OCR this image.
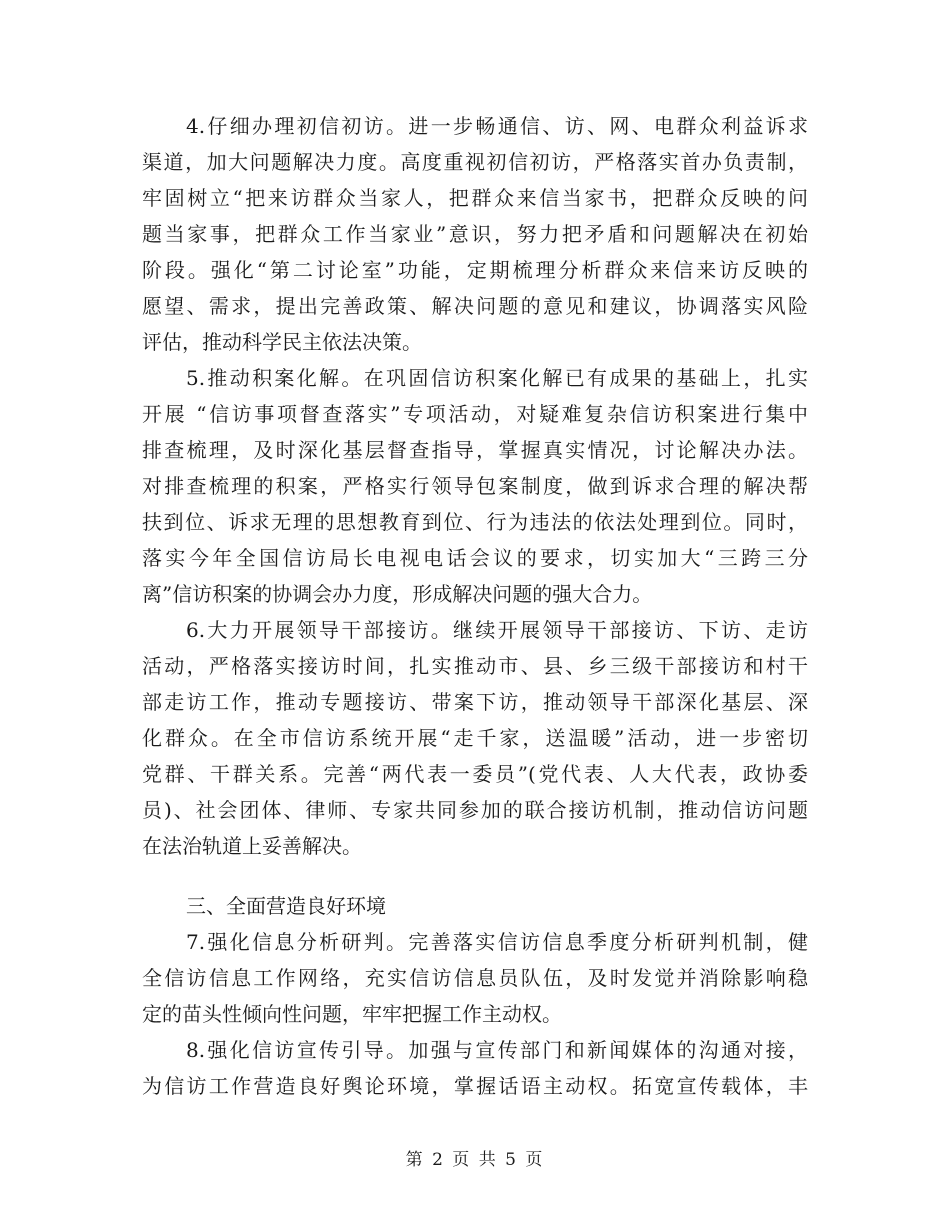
4.仔细办理初信初访。进一步畅通信、访、网、电群众利益诉求
渠道，加大问题解决力度。高度重视初信初访，严格落实首办负责制，
牢固树立“把来访群众当家人，把群众来信当家书，把群众反映的问
题当家事，把群众工作当家业”意识，努力把矛盾和问题解决在初始
阶段。强化“第二讨论室”功能，定期梳理分析群众来信来访反映的
愿望、需求，提出完善政策、解决问题的意见和建议，协调落实风险
评估，推动科学民主依法决策。
5.推动积案化解。在巩固信访积案化解已有成果的基础上，扎实
开展 “信访事项督查落实”专项活动，对疑难复杂信访积案进行集中
排查梳理，及时深化基层督查指导，掌握真实情况，讨论解决办法。
对排查梳理的积案，严格实行领导包案制度，做到诉求合理的解决帮
扶到位、诉求无理的思想教育到位、行为违法的依法处理到位。同时，
落实今年全国信访局长电视电话会议的要求，切实加大“三跨三分
离”信访积案的协调会办力度，形成解决问题的强大合力。
6.大力开展领导干部接访。继续开展领导干部接访、下访、走访
活动，严格落实接访时间，扎实推动市、县、乡三级干部接访和村干
部走访工作，推动专题接访、带案下访，推动领导干部深化基层、深
化群众。在全市信访系统开展“走千家，送温暖”活动，进一步密切
党群、干群关系。完善“两代表一委员”(党代表、人大代表，政协委
员)、社会团体、律师、专家共同参加的联合接访机制，推动信访问题
在法治轨道上妥善解决。
三、全面营造良好环境
7.强化信息分析研判。完善落实信访信息季度分析研判机制，健
全信访信息工作网络，充实信访信息员队伍，及时发觉并消除影响稳
定的苗头性倾向性问题，牢牢把握工作主动权。
8.强化信访宣传引导。加强与宣传部门和新闻媒体的沟通对接，
为信访工作营造良好舆论环境，掌握话语主动权。拓宽宣传载体，丰
第 2 页 共 5 页
